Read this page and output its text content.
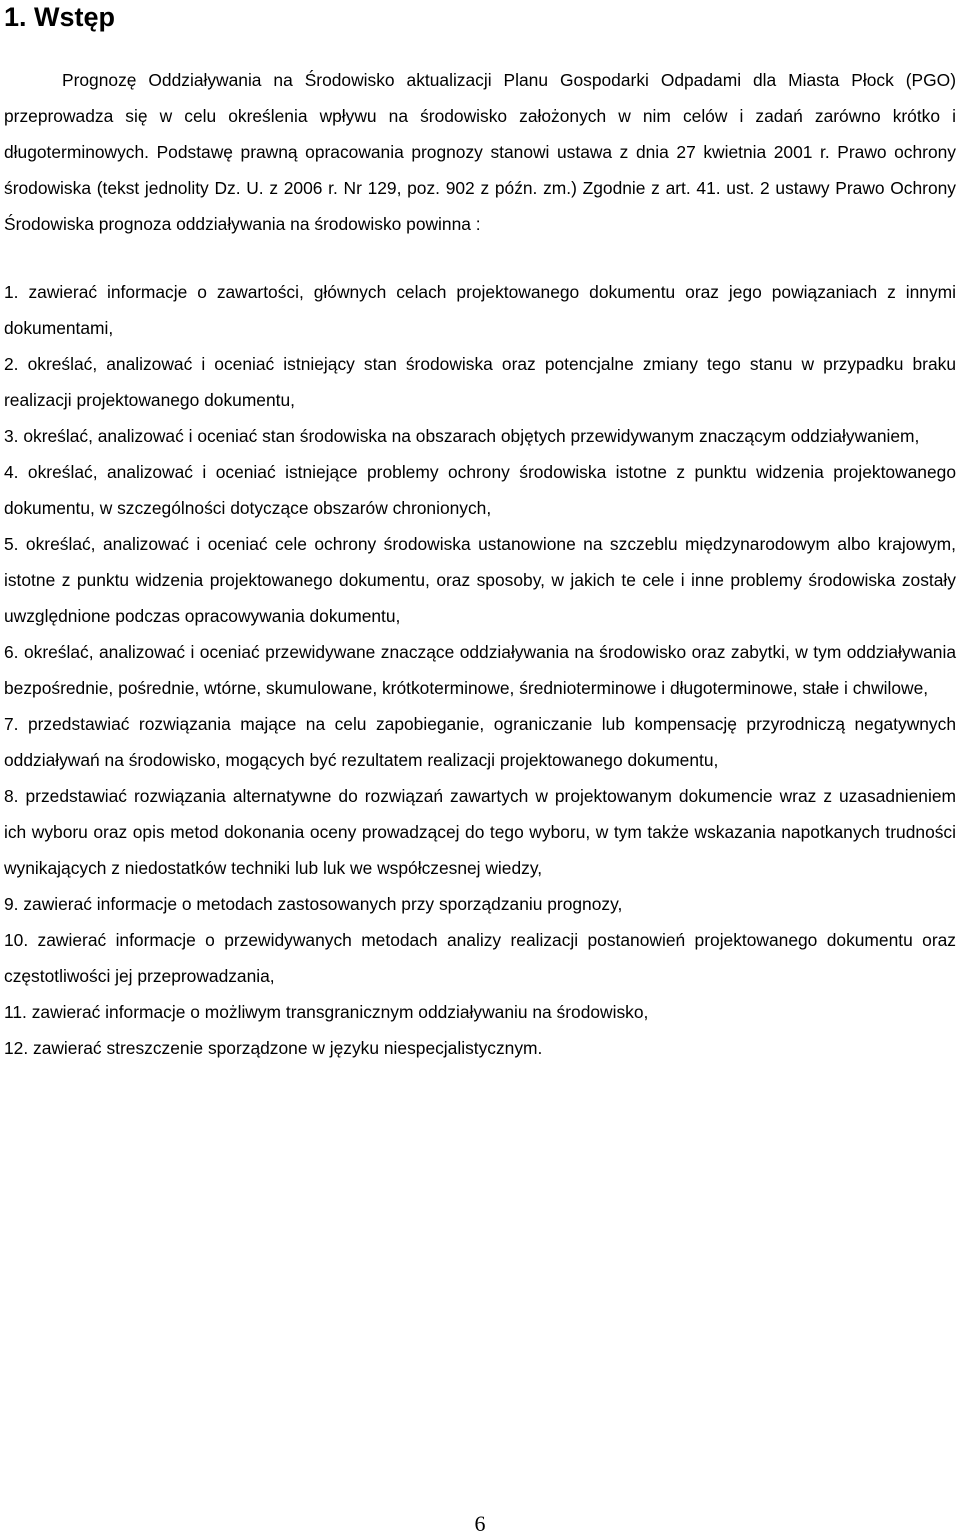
1. Wstęp

Prognozę Oddziaływania na Środowisko aktualizacji Planu Gospodarki Odpadami dla Miasta Płock (PGO) przeprowadza się w celu określenia wpływu na środowisko założonych w nim celów i zadań zarówno krótko i długoterminowych. Podstawę prawną opracowania prognozy stanowi ustawa z dnia 27 kwietnia 2001 r. Prawo ochrony środowiska (tekst jednolity Dz. U. z 2006 r. Nr 129, poz. 902 z późn. zm.) Zgodnie z art. 41. ust. 2 ustawy Prawo Ochrony Środowiska prognoza oddziaływania na środowisko powinna :

1. zawierać informacje o zawartości, głównych celach projektowanego dokumentu oraz jego powiązaniach z innymi dokumentami,

2. określać, analizować i oceniać istniejący stan środowiska oraz potencjalne zmiany tego stanu w przypadku braku realizacji projektowanego dokumentu,

3. określać, analizować i oceniać stan środowiska na obszarach objętych przewidywanym znaczącym oddziaływaniem,

4. określać, analizować i oceniać istniejące problemy ochrony środowiska istotne z punktu widzenia projektowanego dokumentu, w szczególności dotyczące obszarów chronionych,

5. określać, analizować i oceniać cele ochrony środowiska ustanowione na szczeblu międzynarodowym albo krajowym, istotne z punktu widzenia projektowanego dokumentu, oraz sposoby, w jakich te cele i inne problemy środowiska zostały uwzględnione podczas opracowywania dokumentu,

6. określać, analizować i oceniać przewidywane znaczące oddziaływania na środowisko oraz zabytki, w tym oddziaływania bezpośrednie, pośrednie, wtórne, skumulowane, krótkoterminowe, średnioterminowe i długoterminowe, stałe i chwilowe,

7. przedstawiać rozwiązania mające na celu zapobieganie, ograniczanie lub kompensację przyrodniczą negatywnych oddziaływań na środowisko, mogących być rezultatem realizacji projektowanego dokumentu,

8. przedstawiać rozwiązania alternatywne do rozwiązań zawartych w projektowanym dokumencie wraz z uzasadnieniem ich wyboru oraz opis metod dokonania oceny prowadzącej do tego wyboru, w tym także wskazania napotkanych trudności wynikających z niedostatków techniki lub luk we współczesnej wiedzy,

9. zawierać informacje o metodach zastosowanych przy sporządzaniu prognozy,

10. zawierać informacje o przewidywanych metodach analizy realizacji postanowień projektowanego dokumentu oraz częstotliwości jej przeprowadzania,

11. zawierać informacje o możliwym transgranicznym oddziaływaniu na środowisko,

12. zawierać streszczenie sporządzone w języku niespecjalistycznym.

6
